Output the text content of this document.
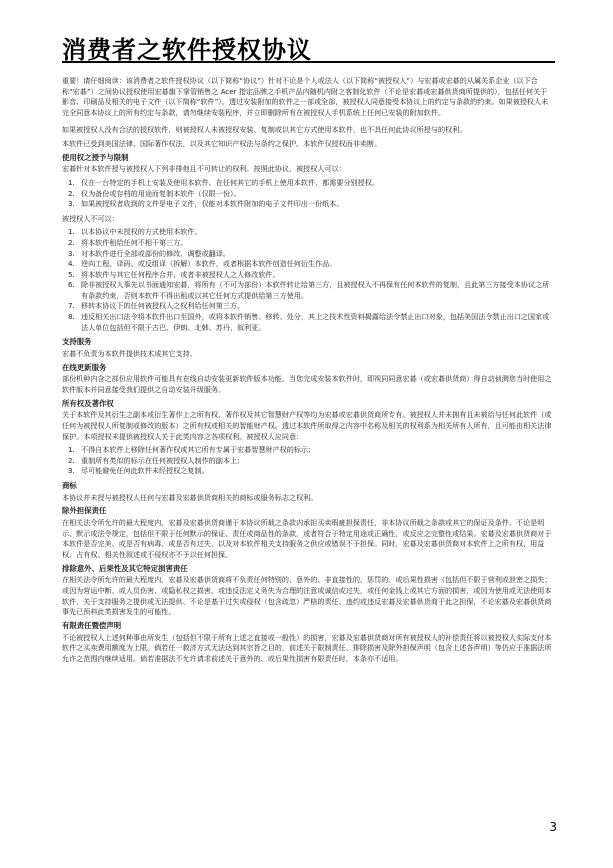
消费者之软件授权协议

重要！请仔细阅读：该消费者之软件授权协议（以下简称“协议”）针对不论是个人或法人（以下简称“被授权人”）与宏碁或宏碁的从属关系企业（以下合称“宏碁”）之间协议授权使用宏碁旗下掌管销售之 Acer 指定品牌之手机产品内随机内附之客制化软件（不论是宏碁或宏碁供货商所提供的），包括任何关于影音、印刷品及相关的电子文件（以下简称“软件”）。透过安装附加的软件之一部或全部，被授权人同意接受本协议上的约定与条款的约束。如果被授权人未完全同意本协议上的所有约定与条款，请勿继续安装程序，并立即删除所有在被授权人手机系统上任何已安装的附加软件。

如果被授权人没有合法的授权软件，则被授权人未被授权安装、复制或以其它方式使用本软件，也不具任何此协议所授与的权利。

本软件已受到美国法律、国际著作权法，以及其它知识产权法与条约之保护。本软件仅授权而非卖断。

使用权之授予与限制

宏碁针对本软件授与被授权人下列非排他且不可转让的权利。按照此协议，被授权人可以：

1. 仅在一台特定的手机上安装及使用本软件。在任何其它的手机上使用本软件，都需要分别授权。
2. 仅为备份或存档的用途而复制本软件（仅限一份）。
3. 如果被授权者收到的文件是电子文件，仅能对本软件附加的电子文件印出一份纸本。

被授权人不可以：

1. 以本协议中未授权的方式使用本软件。
2. 将本软件租给任何不相干第三方。
3. 对本软件进行全部或部份的修改、调整或翻译。
4. 逆向工程、译码、或反组译（拆解）本软件，或者根据本软件创造任何衍生作品。
5. 将本软件与其它任何程序合并，或者非被授权人之人修改软件。
6. 除非被授权人事先以书面通知宏碁，将所有（不可为部份）本软件转让给第三方，且被授权人不再保有任何本软件的复制，且此第三方接受本协议之所有条款约束，否则本软件不得出租或以其它任何方式提供给第三方使用。
7. 移转本协议下的任何被授权人之权利给任何第三方。
8. 违反相关出口法令将本软件出口至国外，或将本软件销售、移转、处分，其上之技术性资料揭露给法令禁止出口对象，包括美国法令禁止出口之国家或法人单位包括但不限于古巴、伊朗、北韩、苏丹、叙利亚。
支持服务

宏碁不负责为本软件提供技术或其它支持。

在线更新服务

部份机种内含之部份应用软件可能具有在线自动安装更新软件版本功能。当您完成安装本软件时，即视同同意宏碁（或宏碁供货商）得自动侦测您当时使用之软件版本并同意接受我们提供之自动安装升级服务。

所有权及著作权

关于本软件及其衍生之副本或衍生著作上之所有权、著作权及其它智慧财产权等均为宏碁或宏碁供货商所专有。被授权人并未拥有且未被给与任何此软件（或任何为被授权人所复制或修改的版本）之所有权或相关的智能财产权。透过本软件所取得之内容中名称及相关的权利系为相关所有人所有，且可能由相关法律保护。本项授权未提供被授权人关于此类内容之各项权利。被授权人应同意：

1. 不得自本软件上移除任何著作权或其它所有专属于宏碁智慧财产权的标示；
2. 重制所有类似的标示在任何被授权人制作的副本上；
3. 尽可能避免任何此软件未经授权之复制。
商标

本协议并未授与被授权人任何与宏碁及宏碁供货商相关的商标或服务标志之权利。

除外担保责任

在相关法令所允许的最大程度内，宏碁及宏碁供货商谨于本协议所载之条款内承担买卖瑕疵担保责任，非本协议所载之条款或其它的保证及条件，不论是明示、默示或法令规定，包括但不限于任何默示的保证、责任或商品性的条款，或者符合于特定用途或正确性，或反应之完整性或结果。宏碁及宏碁供货商对于本软件是否完美、或是否有病毒、或是否有过失，以及对本软件相关支持服务之供应或错误不予担保。同时，宏碁及宏碁供货商对本软件上之所有权、用益权、占有权、相关性叙述或不侵权亦不予以任何担保。

排除意外、后果性及其它特定损害责任

在相关法令所允许的最大程度内，宏碁及宏碁供货商将不负责任何特别的、意外的、非直接性的、惩罚的、或后果性损害（包括但不限于营利或泄密之损失；或因为营运中断、或人员伤害、或隐私权之损害、或违反法定义务失为合理的注意或诚信或过失，或任何金钱上或其它方面的损害，或因为使用或无法使用本软件，关于支持服务之提供或无法提供、不论是基于过失或侵权（包含疏忽）严格的责任、违约或违反宏碁及宏碁供货商于此之担保，不论宏碁及宏碁供货商事先已预料此类损害发生的可能性。

有限责任暨偿声明

不论被授权人上述何种事由所发生（包括但不限于所有上述之直接或一般性）的损害，宏碁及宏碁供货商对所有被授权人的补偿责任将以被授权人实际支付本软件之买卖费用额度为上限。倘若任一救济方式无法达到其宗旨之目的，前述关于限制责任、排除损害及除外担保声明（包含上述各声明）等仍应于准据法所允许之范围内继续适用。倘若准据法不允许请求前述关于意外的、或后果性损害有限责任时，本条亦不适用。

3
